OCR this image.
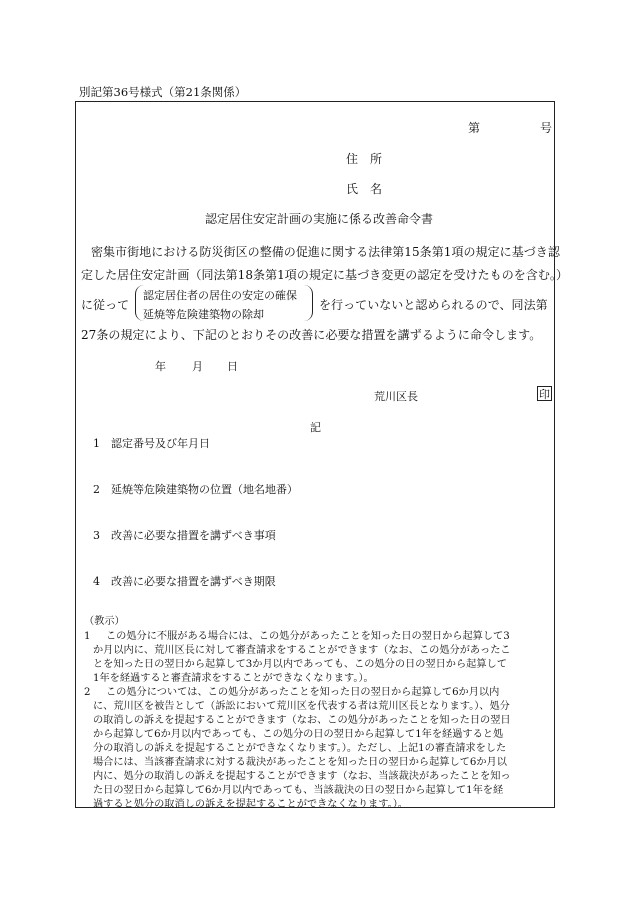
別記第36号様式（第21条関係）
第	号
住　所
氏　名
認定居住安定計画の実施に係る改善命令書
密集市街地における防災街区の整備の促進に関する法律第15条第1項の規定に基づき認
定した居住安定計画（同法第18条第1項の規定に基づき変更の認定を受けたものを含む。）
に従って
認定居住者の居住の安定の確保
延焼等危険建築物の除却
を行っていないと認められるので、同法第
27条の規定により、下記のとおりその改善に必要な措置を講ずるように命令します。
年 月 日
荒川区長	印
記
1　認定番号及び年月日
2　延焼等危険建築物の位置（地名地番）
3　改善に必要な措置を講ずべき事項
4　改善に必要な措置を講ずべき期限
（教示）
1 この処分に不服がある場合には、この処分があったことを知った日の翌日から起算して3
か月以内に、荒川区長に対して審査請求をすることができます（なお、この処分があったこ
とを知った日の翌日から起算して3か月以内であっても、この処分の日の翌日から起算して
1年を経過すると審査請求をすることができなくなります。）。
2 この処分については、この処分があったことを知った日の翌日から起算して6か月以内
に、荒川区を被告として（訴訟において荒川区を代表する者は荒川区長となります。）、処分
の取消しの訴えを提起することができます（なお、この処分があったことを知った日の翌日
から起算して6か月以内であっても、この処分の日の翌日から起算して1年を経過すると処
分の取消しの訴えを提起することができなくなります。）。ただし、上記1の審査請求をした
場合には、当該審査請求に対する裁決があったことを知った日の翌日から起算して6か月以
内に、処分の取消しの訴えを提起することができます（なお、当該裁決があったことを知っ
た日の翌日から起算して6か月以内であっても、当該裁決の日の翌日から起算して1年を経
過すると処分の取消しの訴えを提起することができなくなります。）。
